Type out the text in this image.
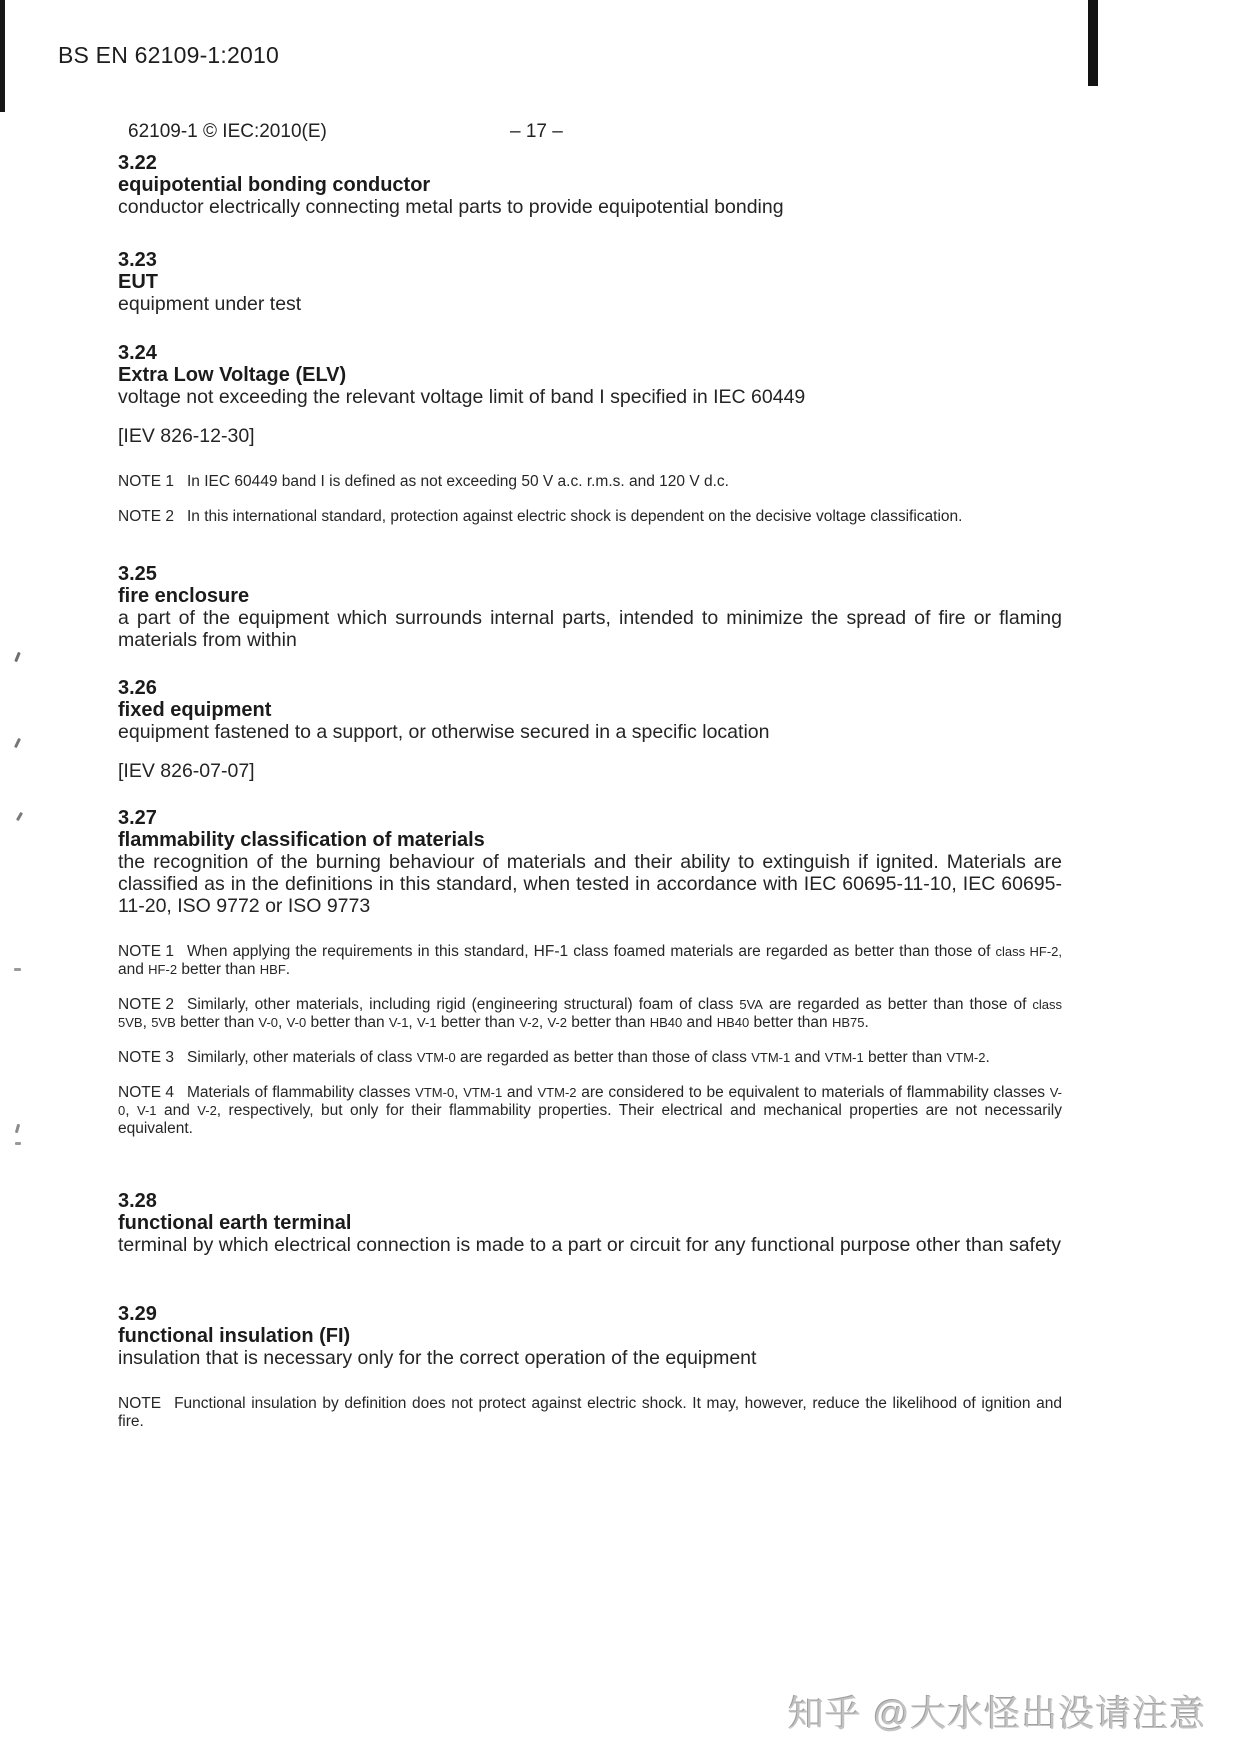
BS EN 62109-1:2010
62109-1 © IEC:2010(E)	– 17 –
3.22
equipotential bonding conductor
conductor electrically connecting metal parts to provide equipotential bonding
3.23
EUT
equipment under test
3.24
Extra Low Voltage (ELV)
voltage not exceeding the relevant voltage limit of band I specified in IEC 60449
[IEV 826-12-30]
NOTE 1 In IEC 60449 band I is defined as not exceeding 50 V a.c. r.m.s. and 120 V d.c.
NOTE 2 In this international standard, protection against electric shock is dependent on the decisive voltage classification.
3.25
fire enclosure
a part of the equipment which surrounds internal parts, intended to minimize the spread of fire or flaming materials from within
3.26
fixed equipment
equipment fastened to a support, or otherwise secured in a specific location
[IEV 826-07-07]
3.27
flammability classification of materials
the recognition of the burning behaviour of materials and their ability to extinguish if ignited. Materials are classified as in the definitions in this standard, when tested in accordance with IEC 60695-11-10, IEC 60695-11-20, ISO 9772 or ISO 9773
NOTE 1 When applying the requirements in this standard, HF-1 class foamed materials are regarded as better than those of class HF-2, and HF-2 better than HBF.
NOTE 2 Similarly, other materials, including rigid (engineering structural) foam of class 5VA are regarded as better than those of class 5VB, 5VB better than V-0, V-0 better than V-1, V-1 better than V-2, V-2 better than HB40 and HB40 better than HB75.
NOTE 3 Similarly, other materials of class VTM-0 are regarded as better than those of class VTM-1 and VTM-1 better than VTM-2.
NOTE 4 Materials of flammability classes VTM-0, VTM-1 and VTM-2 are considered to be equivalent to materials of flammability classes V-0, V-1 and V-2, respectively, but only for their flammability properties. Their electrical and mechanical properties are not necessarily equivalent.
3.28
functional earth terminal
terminal by which electrical connection is made to a part or circuit for any functional purpose other than safety
3.29
functional insulation (FI)
insulation that is necessary only for the correct operation of the equipment
NOTE Functional insulation by definition does not protect against electric shock. It may, however, reduce the likelihood of ignition and fire.
知乎 @大水怪出没请注意
